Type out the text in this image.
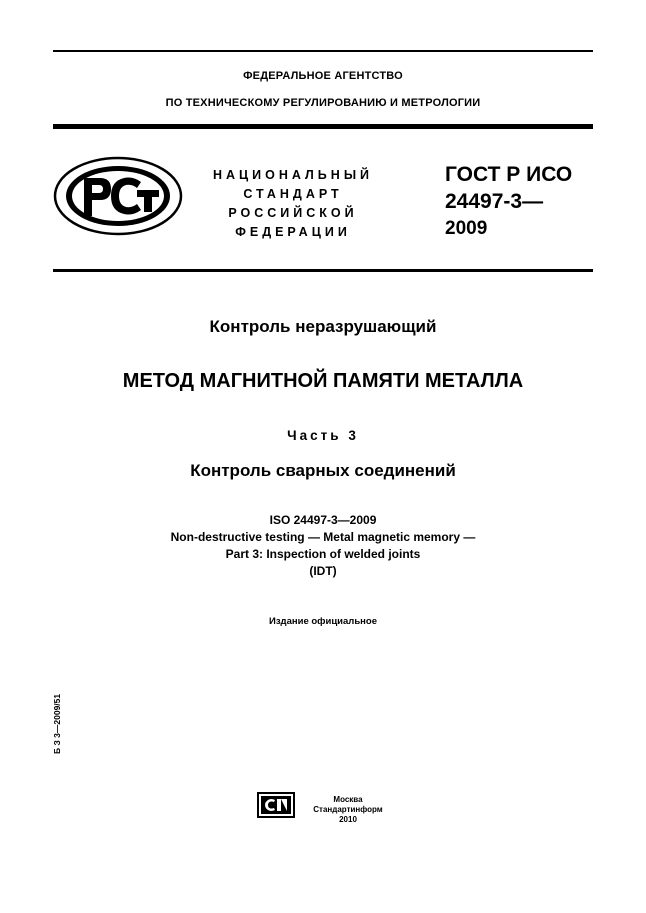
ФЕДЕРАЛЬНОЕ АГЕНТСТВО
ПО ТЕХНИЧЕСКОМУ РЕГУЛИРОВАНИЮ И МЕТРОЛОГИИ
НАЦИОНАЛЬНЫЙ
СТАНДАРТ
РОССИЙСКОЙ
ФЕДЕРАЦИИ
ГОСТ Р ИСО
24497-3—
2009
Контроль неразрушающий
МЕТОД МАГНИТНОЙ ПАМЯТИ МЕТАЛЛА
Часть 3
Контроль сварных соединений
ISO 24497-3—2009
Non-destructive testing — Metal magnetic memory —
Part 3: Inspection of welded joints
(IDT)
Издание официальное
Б З 3—2009/51
Москва
Стандартинформ
2010
